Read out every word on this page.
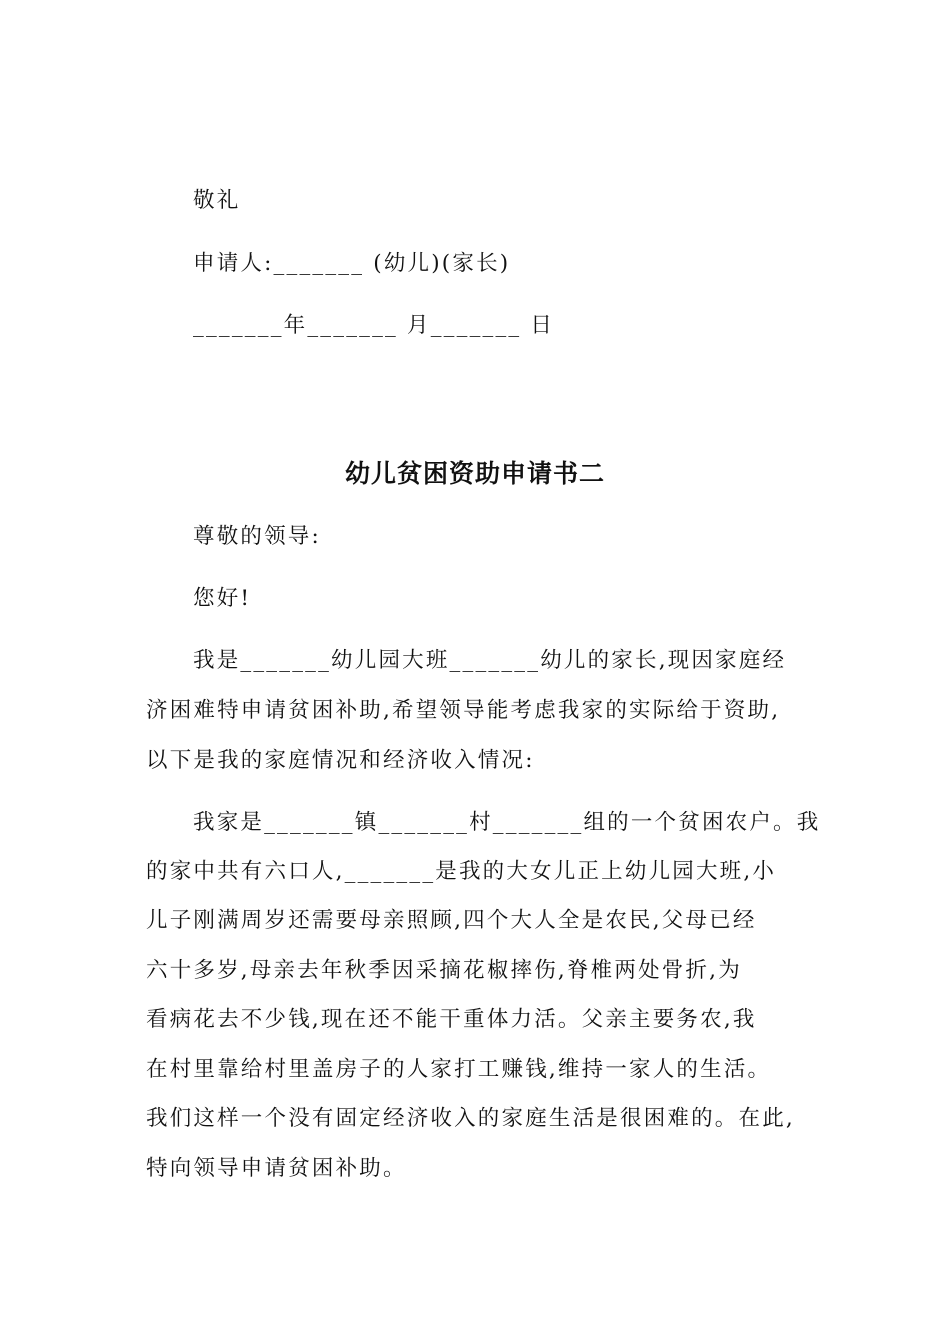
敬礼
申请人:_______ (幼儿)(家长)
_______年_______ 月_______ 日
幼儿贫困资助申请书二
尊敬的领导:
您好!
我是_______幼儿园大班_______幼儿的家长,现因家庭经
济困难特申请贫困补助,希望领导能考虑我家的实际给于资助,
以下是我的家庭情况和经济收入情况:
我家是_______镇_______村_______组的一个贫困农户。我
的家中共有六口人,_______是我的大女儿正上幼儿园大班,小
儿子刚满周岁还需要母亲照顾,四个大人全是农民,父母已经
六十多岁,母亲去年秋季因采摘花椒摔伤,脊椎两处骨折,为
看病花去不少钱,现在还不能干重体力活。父亲主要务农,我
在村里靠给村里盖房子的人家打工赚钱,维持一家人的生活。
我们这样一个没有固定经济收入的家庭生活是很困难的。在此,
特向领导申请贫困补助。
